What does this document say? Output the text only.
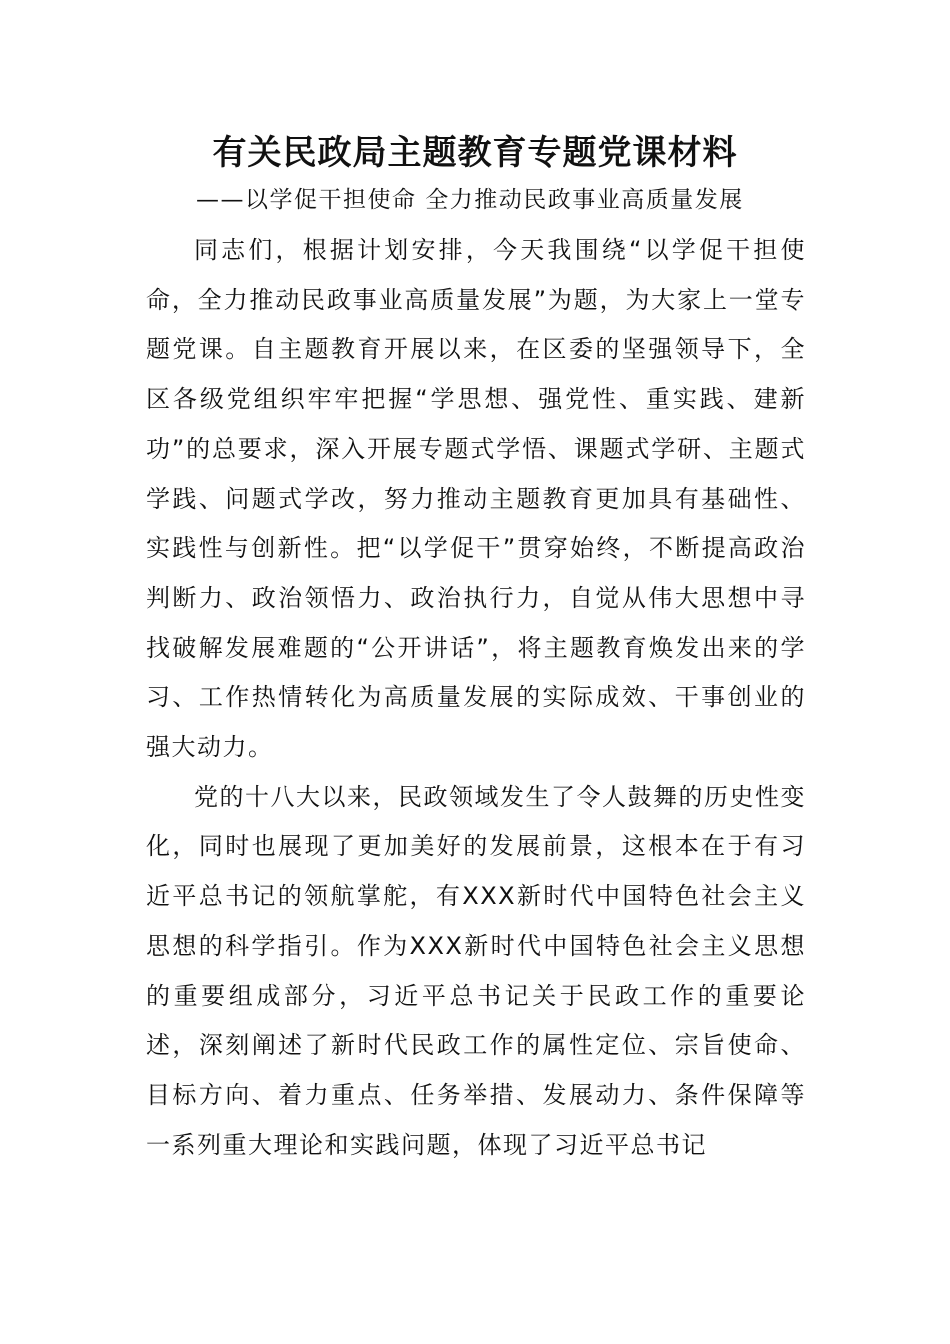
有关民政局主题教育专题党课材料

——以学促干担使命 全力推动民政事业高质量发展

同志们，根据计划安排，今天我围绕“以学促干担使命，全力推动民政事业高质量发展”为题，为大家上一堂专题党课。自主题教育开展以来，在区委的坚强领导下，全区各级党组织牢牢把握“学思想、强党性、重实践、建新功”的总要求，深入开展专题式学悟、课题式学研、主题式学践、问题式学改，努力推动主题教育更加具有基础性、实践性与创新性。把“以学促干”贯穿始终，不断提高政治判断力、政治领悟力、政治执行力，自觉从伟大思想中寻找破解发展难题的“公开讲话”，将主题教育焕发出来的学习、工作热情转化为高质量发展的实际成效、干事创业的强大动力。

党的十八大以来，民政领域发生了令人鼓舞的历史性变化，同时也展现了更加美好的发展前景，这根本在于有习近平总书记的领航掌舵，有XXX新时代中国特色社会主义思想的科学指引。作为XXX新时代中国特色社会主义思想的重要组成部分，习近平总书记关于民政工作的重要论述，深刻阐述了新时代民政工作的属性定位、宗旨使命、目标方向、着力重点、任务举措、发展动力、条件保障等一系列重大理论和实践问题，体现了习近平总书记
